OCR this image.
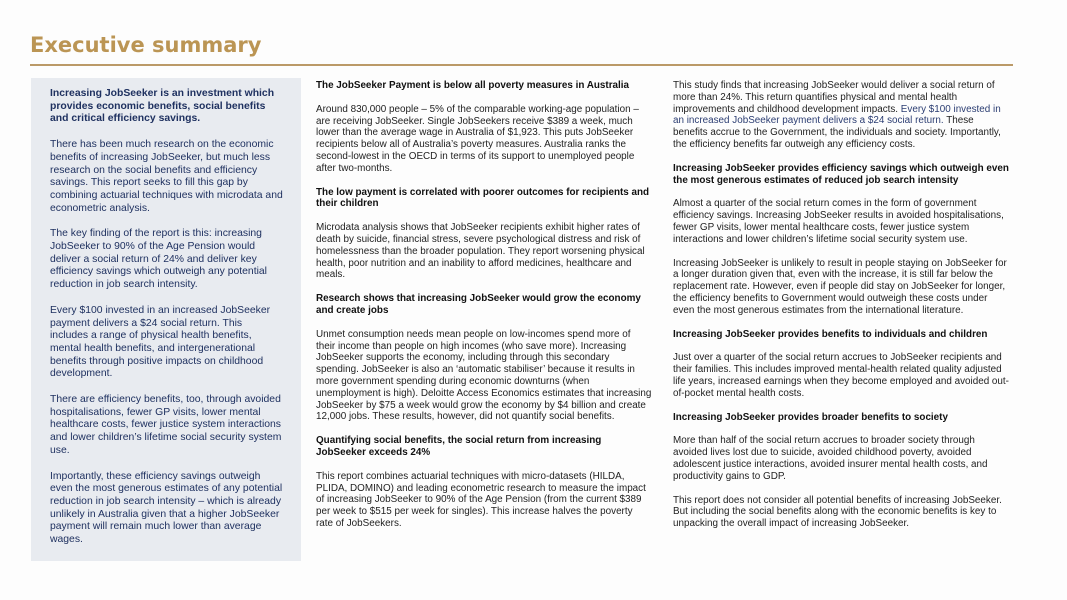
Executive summary

Increasing JobSeeker is an investment which provides economic benefits, social benefits and critical efficiency savings.

There has been much research on the economic benefits of increasing JobSeeker, but much less research on the social benefits and efficiency savings. This report seeks to fill this gap by combining actuarial techniques with microdata and econometric analysis.

The key finding of the report is this: increasing JobSeeker to 90% of the Age Pension would deliver a social return of 24% and deliver key efficiency savings which outweigh any potential reduction in job search intensity.

Every $100 invested in an increased JobSeeker payment delivers a $24 social return. This includes a range of physical health benefits, mental health benefits, and intergenerational benefits through positive impacts on childhood development.

There are efficiency benefits, too, through avoided hospitalisations, fewer GP visits, lower mental healthcare costs, fewer justice system interactions and lower children’s lifetime social security system use.

Importantly, these efficiency savings outweigh even the most generous estimates of any potential reduction in job search intensity – which is already unlikely in Australia given that a higher JobSeeker payment will remain much lower than average wages.

The JobSeeker Payment is below all poverty measures in Australia

Around 830,000 people – 5% of the comparable working-age population – are receiving JobSeeker. Single JobSeekers receive $389 a week, much lower than the average wage in Australia of $1,923. This puts JobSeeker recipients below all of Australia’s poverty measures. Australia ranks the second-lowest in the OECD in terms of its support to unemployed people after two-months.

The low payment is correlated with poorer outcomes for recipients and their children

Microdata analysis shows that JobSeeker recipients exhibit higher rates of death by suicide, financial stress, severe psychological distress and risk of homelessness than the broader population. They report worsening physical health, poor nutrition and an inability to afford medicines, healthcare and meals.

Research shows that increasing JobSeeker would grow the economy and create jobs

Unmet consumption needs mean people on low-incomes spend more of their income than people on high incomes (who save more). Increasing JobSeeker supports the economy, including through this secondary spending. JobSeeker is also an ‘automatic stabiliser’ because it results in more government spending during economic downturns (when unemployment is high). Deloitte Access Economics estimates that increasing JobSeeker by $75 a week would grow the economy by $4 billion and create 12,000 jobs. These results, however, did not quantify social benefits.

Quantifying social benefits, the social return from increasing JobSeeker exceeds 24%

This report combines actuarial techniques with micro-datasets (HILDA, PLIDA, DOMINO) and leading econometric research to measure the impact of increasing JobSeeker to 90% of the Age Pension (from the current $389 per week to $515 per week for singles). This increase halves the poverty rate of JobSeekers.

This study finds that increasing JobSeeker would deliver a social return of more than 24%. This return quantifies physical and mental health improvements and childhood development impacts. Every $100 invested in an increased JobSeeker payment delivers a $24 social return. These benefits accrue to the Government, the individuals and society. Importantly, the efficiency benefits far outweigh any efficiency costs.

Increasing JobSeeker provides efficiency savings which outweigh even the most generous estimates of reduced job search intensity

Almost a quarter of the social return comes in the form of government efficiency savings. Increasing JobSeeker results in avoided hospitalisations, fewer GP visits, lower mental healthcare costs, fewer justice system interactions and lower children’s lifetime social security system use.

Increasing JobSeeker is unlikely to result in people staying on JobSeeker for a longer duration given that, even with the increase, it is still far below the replacement rate. However, even if people did stay on JobSeeker for longer, the efficiency benefits to Government would outweigh these costs under even the most generous estimates from the international literature.

Increasing JobSeeker provides benefits to individuals and children

Just over a quarter of the social return accrues to JobSeeker recipients and their families. This includes improved mental-health related quality adjusted life years, increased earnings when they become employed and avoided out-of-pocket mental health costs.

Increasing JobSeeker provides broader benefits to society

More than half of the social return accrues to broader society through avoided lives lost due to suicide, avoided childhood poverty, avoided adolescent justice interactions, avoided insurer mental health costs, and productivity gains to GDP.

This report does not consider all potential benefits of increasing JobSeeker. But including the social benefits along with the economic benefits is key to unpacking the overall impact of increasing JobSeeker.
